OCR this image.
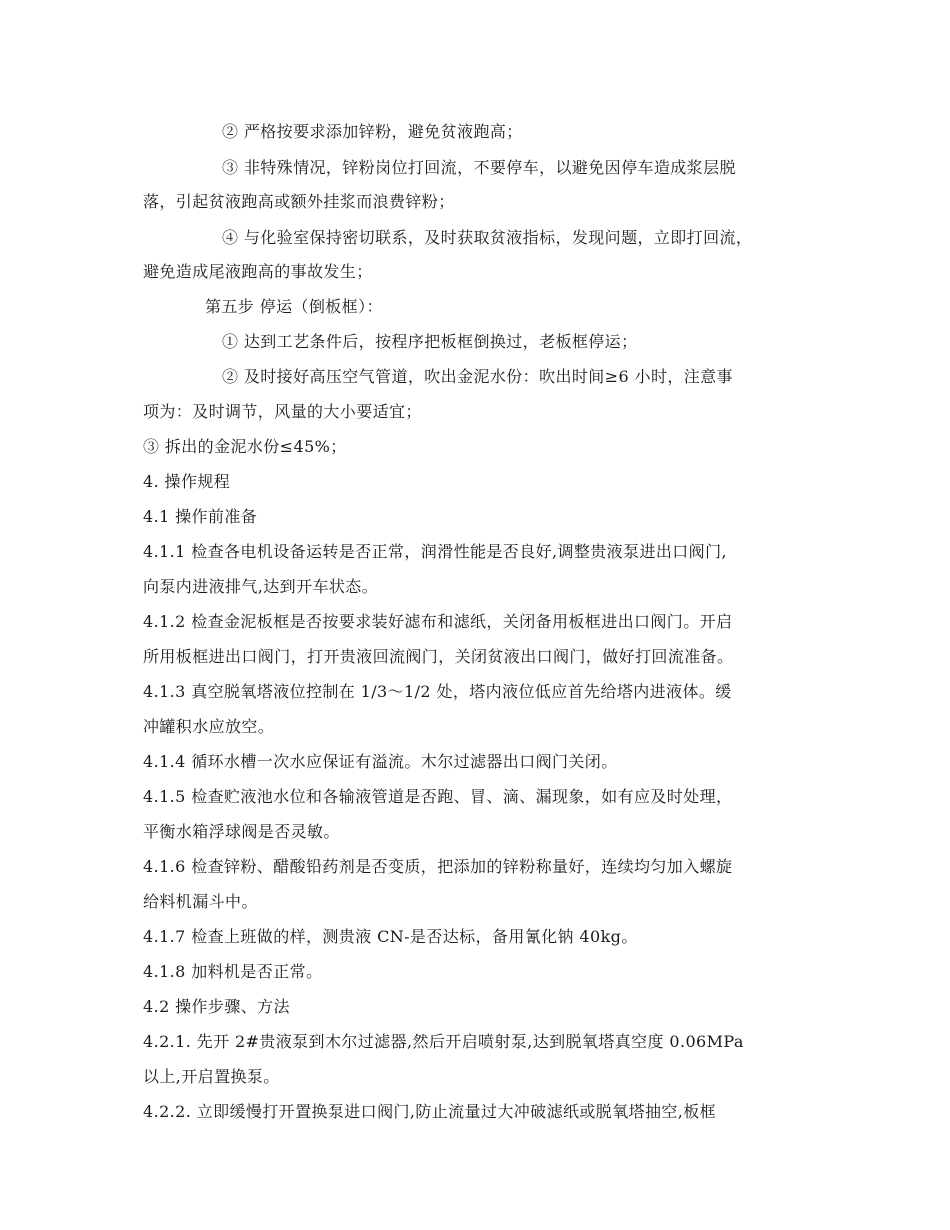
② 严格按要求添加锌粉，避免贫液跑高；
③ 非特殊情况，锌粉岗位打回流，不要停车，以避免因停车造成浆层脱
落，引起贫液跑高或额外挂浆而浪费锌粉；
④ 与化验室保持密切联系，及时获取贫液指标，发现问题，立即打回流，
避免造成尾液跑高的事故发生；
第五步 停运（倒板框）：
① 达到工艺条件后，按程序把板框倒换过，老板框停运；
② 及时接好高压空气管道，吹出金泥水份：吹出时间≥6 小时，注意事
项为：及时调节，风量的大小要适宜；
③ 拆出的金泥水份≤45%；
4. 操作规程
4.1 操作前准备
4.1.1 检查各电机设备运转是否正常，润滑性能是否良好,调整贵液泵进出口阀门,
向泵内进液排气,达到开车状态。
4.1.2 检查金泥板框是否按要求装好滤布和滤纸，关闭备用板框进出口阀门。开启
所用板框进出口阀门，打开贵液回流阀门，关闭贫液出口阀门，做好打回流准备。
4.1.3 真空脱氧塔液位控制在 1/3～1/2 处，塔内液位低应首先给塔内进液体。缓
冲罐积水应放空。
4.1.4 循环水槽一次水应保证有溢流。木尔过滤器出口阀门关闭。
4.1.5 检查贮液池水位和各输液管道是否跑、冒、滴、漏现象，如有应及时处理，
平衡水箱浮球阀是否灵敏。
4.1.6 检查锌粉、醋酸铅药剂是否变质，把添加的锌粉称量好，连续均匀加入螺旋
给料机漏斗中。
4.1.7 检查上班做的样，测贵液 CN-是否达标，备用氰化钠 40kg。
4.1.8 加料机是否正常。
4.2 操作步骤、方法
4.2.1. 先开 2#贵液泵到木尔过滤器,然后开启喷射泵,达到脱氧塔真空度 0.06MPa
以上,开启置换泵。
4.2.2. 立即缓慢打开置换泵进口阀门,防止流量过大冲破滤纸或脱氧塔抽空,板框
